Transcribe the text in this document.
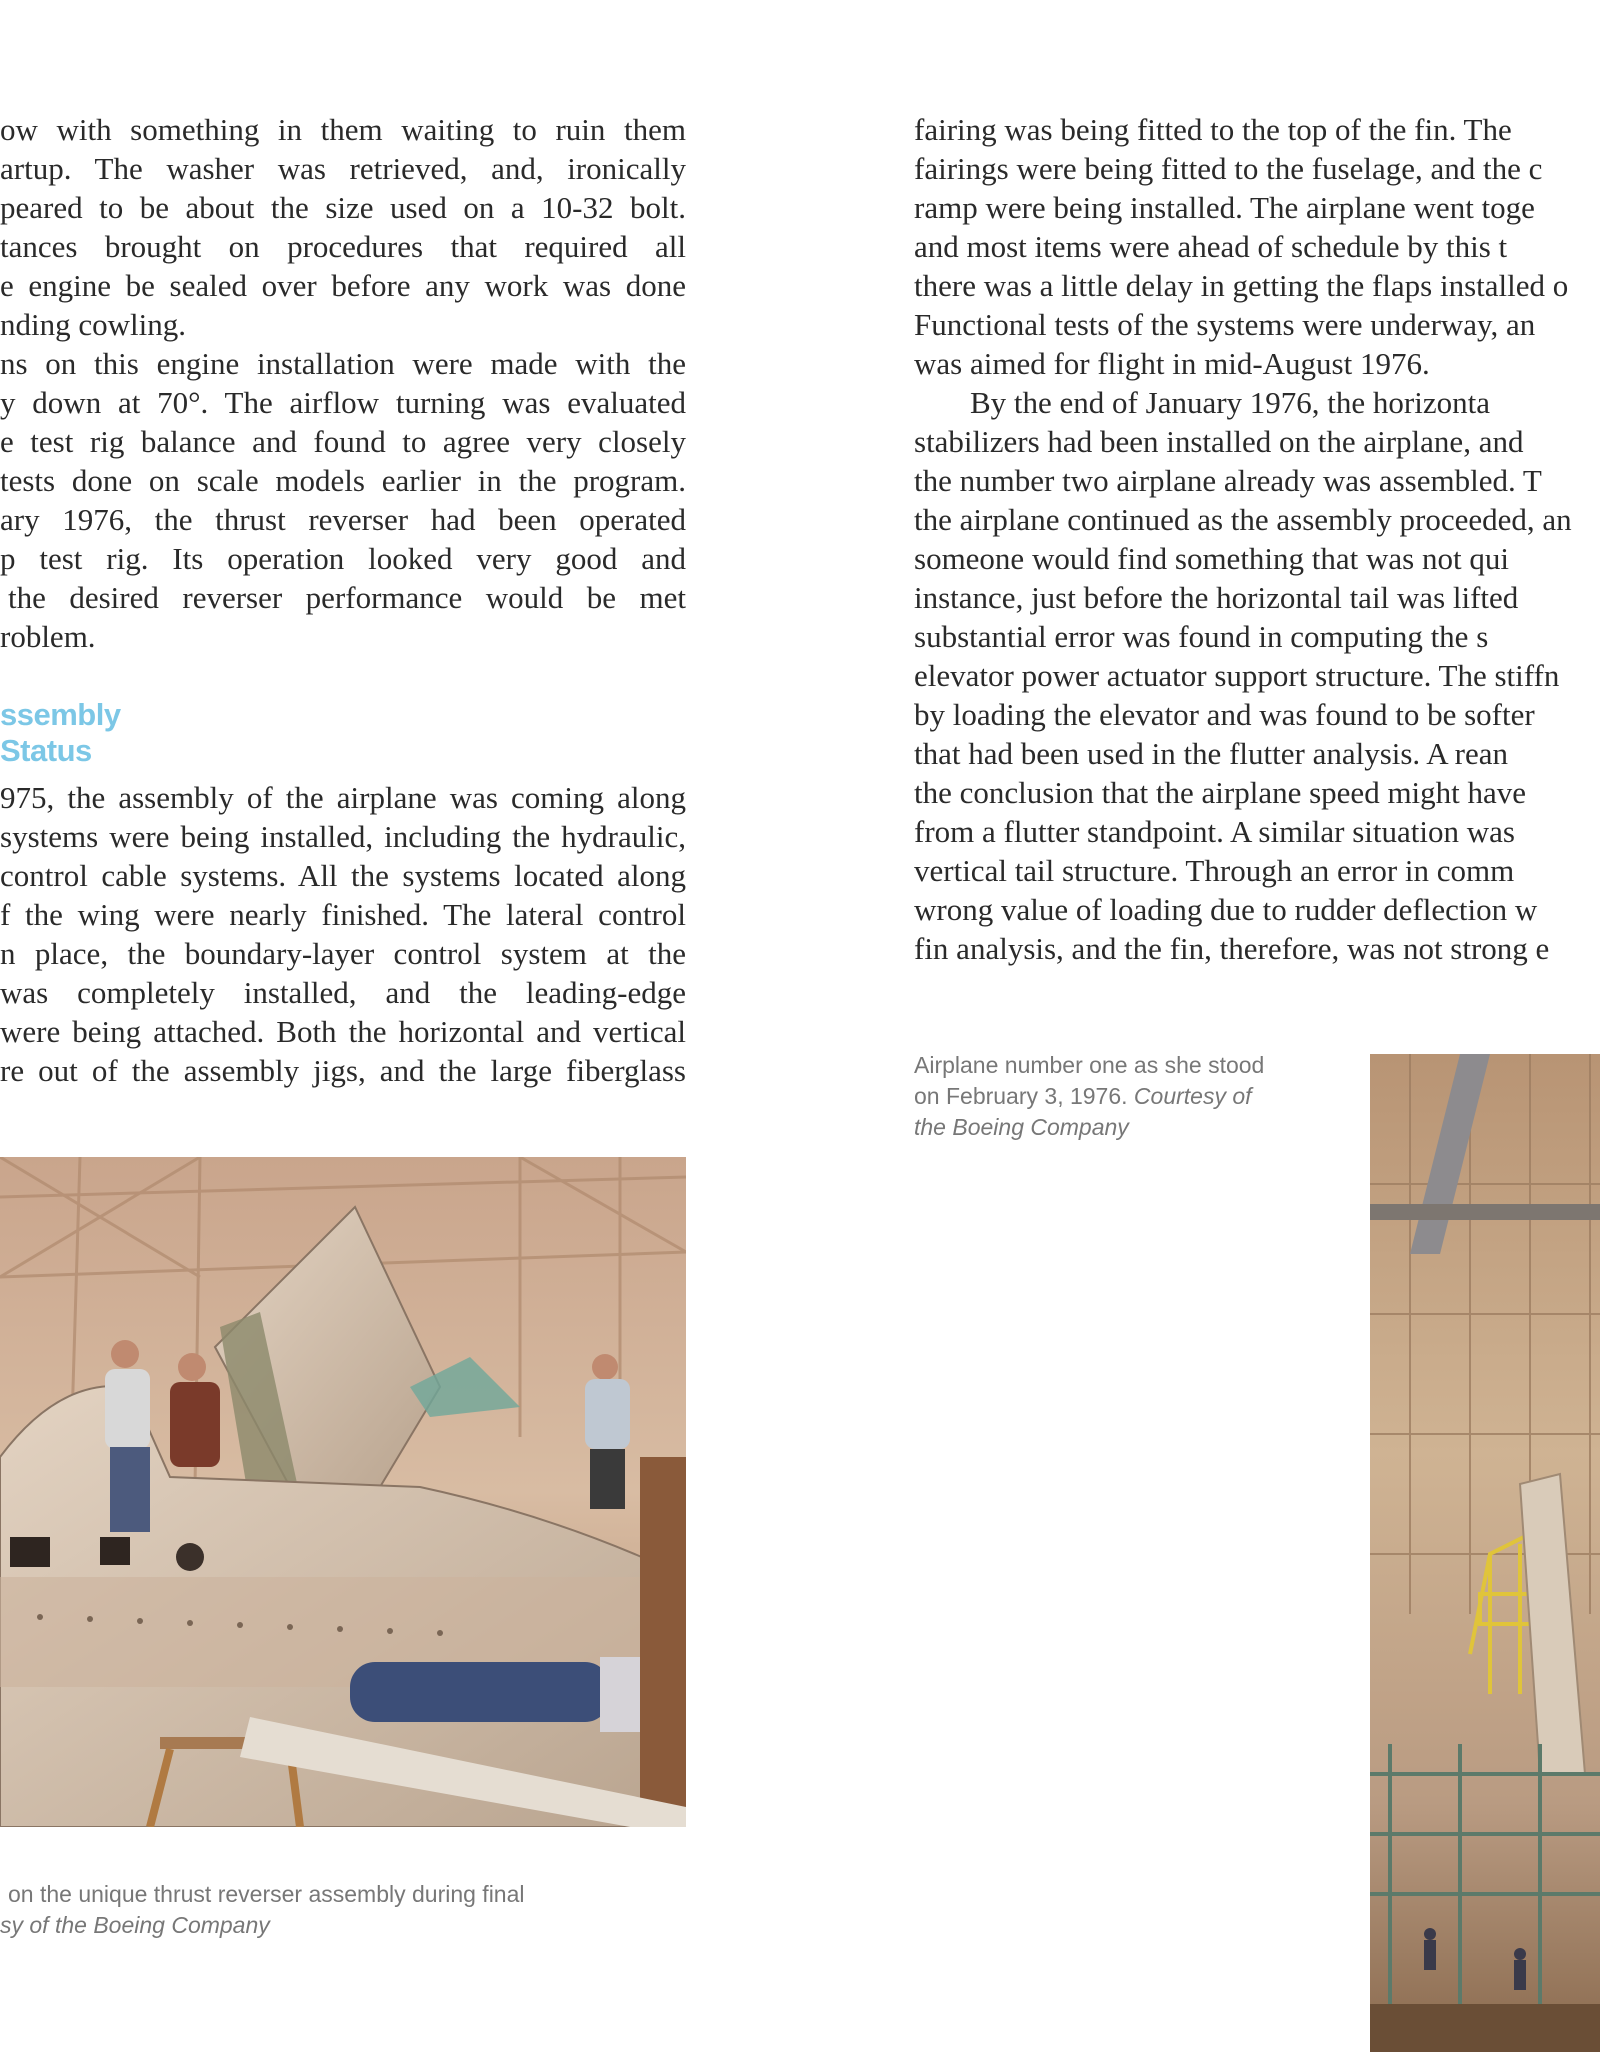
ow with something in them waiting to ruin them

artup. The washer was retrieved, and, ironically

peared to be about the size used on a 10-32 bolt.

tances brought on procedures that required all

e engine be sealed over before any work was done

nding cowling.

ns on this engine installation were made with the

y down at 70°. The airflow turning was evaluated

e test rig balance and found to agree very closely

tests done on scale models earlier in the program.

ary 1976, the thrust reverser had been operated

p test rig. Its operation looked very good and

the desired reverser performance would be met

roblem.

ssembly Status

975, the assembly of the airplane was coming along

systems were being installed, including the hydraulic,

control cable systems. All the systems located along

f the wing were nearly finished. The lateral control

n place, the boundary-layer control system at the

was completely installed, and the leading-edge

were being attached. Both the horizontal and vertical

re out of the assembly jigs, and the large fiberglass

on the unique thrust reverser assembly during final

sy of the Boeing Company

fairing was being fitted to the top of the fin. The

fairings were being fitted to the fuselage, and the c

ramp were being installed. The airplane went toge

and most items were ahead of schedule by this t

there was a little delay in getting the flaps installed o

Functional tests of the systems were underway, an

was aimed for flight in mid-August 1976.

By the end of January 1976, the horizonta

stabilizers had been installed on the airplane, and

the number two airplane already was assembled. T

the airplane continued as the assembly proceeded, an

someone would find something that was not qui

instance, just before the horizontal tail was lifted

substantial error was found in computing the s

elevator power actuator support structure. The stiffn

by loading the elevator and was found to be softer

that had been used in the flutter analysis. A rean

the conclusion that the airplane speed might have

from a flutter standpoint. A similar situation was

vertical tail structure. Through an error in comm

wrong value of loading due to rudder deflection w

fin analysis, and the fin, therefore, was not strong e

Airplane number one as she stood

on February 3, 1976. Courtesy of

the Boeing Company
